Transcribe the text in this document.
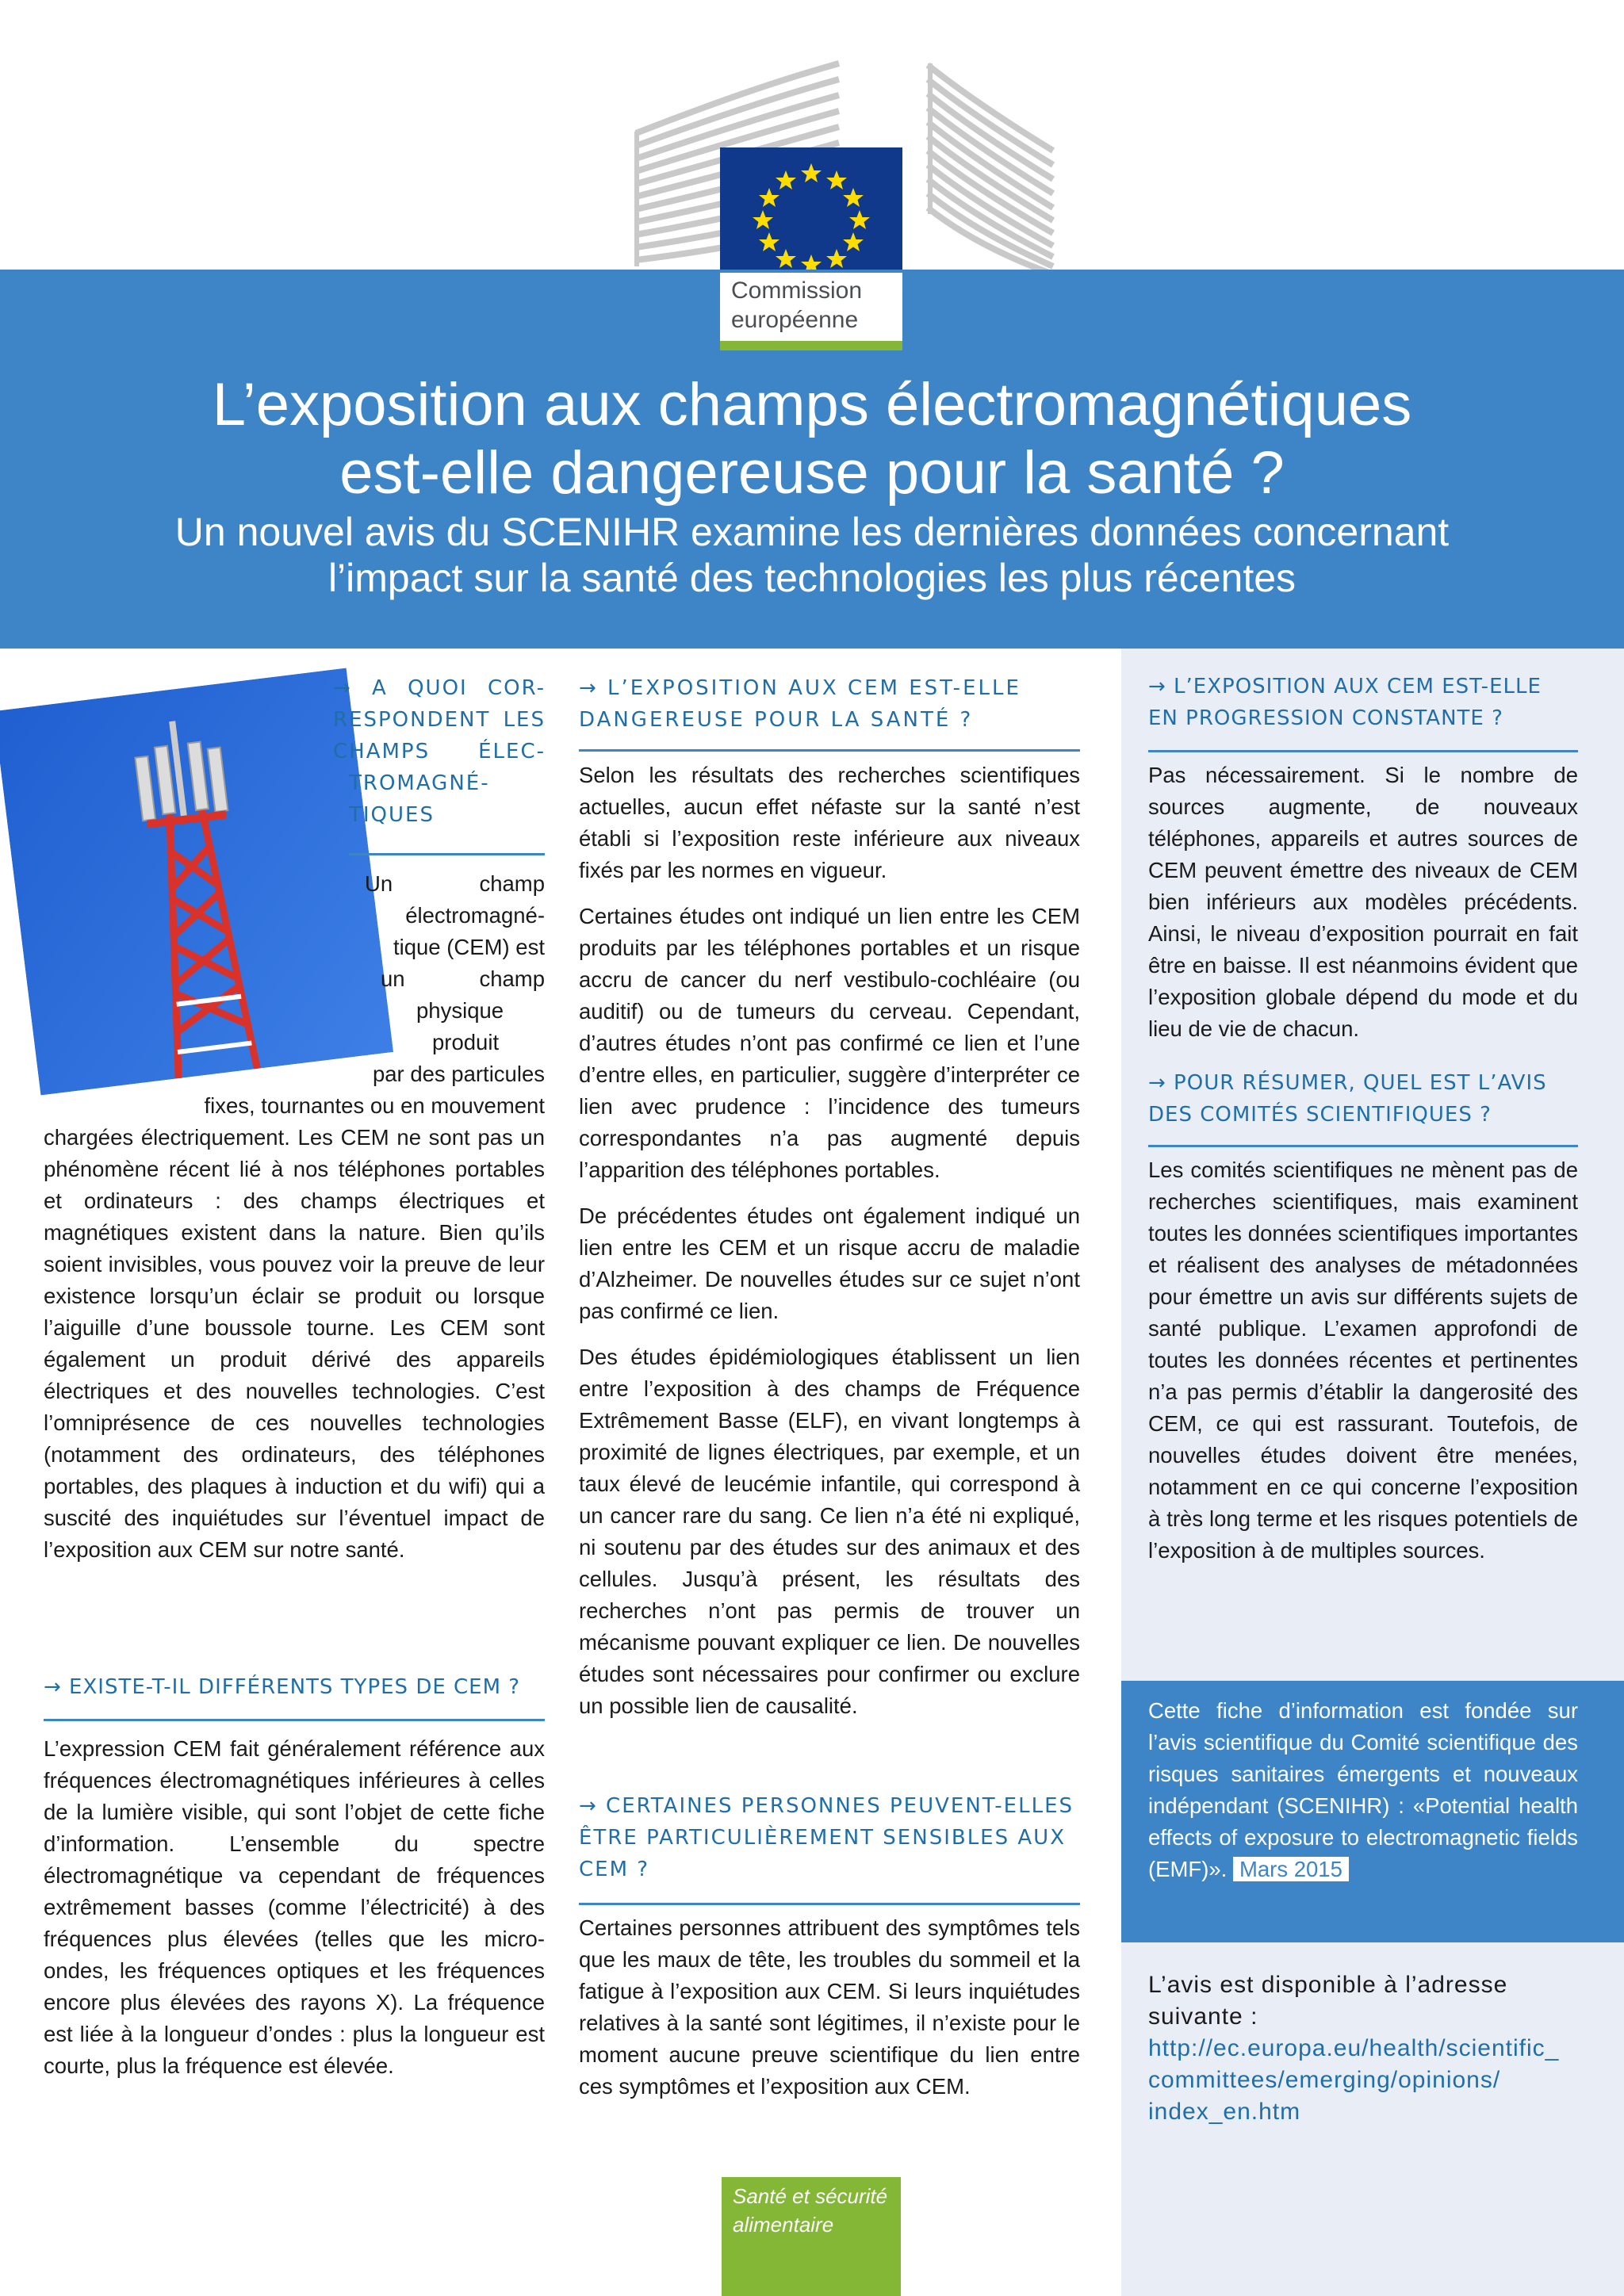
Commission
européenne
L’exposition aux champs électromagnétiques
est-elle dangereuse pour la santé ?
Un nouvel avis du SCENIHR examine les dernières données concernant
l’impact sur la santé des technologies les plus récentes
→ A QUOI COR-
RESPONDENT LES
CHAMPS ÉLEC-
TROMAGNÉ-
TIQUES
Un champ
électromagné-
tique (CEM) est
un champ
physique
produit
par des particules
fixes, tournantes ou en mouvement

chargées électriquement. Les CEM ne sont pas un phénomène récent lié à nos téléphones portables et ordinateurs : des champs électriques et magnétiques existent dans la nature. Bien qu’ils soient invisibles, vous pouvez voir la preuve de leur existence lorsqu’un éclair se produit ou lorsque l’aiguille d’une boussole tourne. Les CEM sont également un produit dérivé des appareils électriques et des nouvelles technologies. C’est l’omniprésence de ces nouvelles technologies (notamment des ordinateurs, des téléphones portables, des plaques à induction et du wifi) qui a suscité des inquiétudes sur l’éventuel impact de l’exposition aux CEM sur notre santé.

→ EXISTE-T-IL DIFFÉRENTS TYPES DE CEM ?

L’expression CEM fait généralement référence aux fréquences électromagnétiques inférieures à celles de la lumière visible, qui sont l’objet de cette fiche d’information. L’ensemble du spectre électromagnétique va cependant de fréquences extrêmement basses (comme l’électricité) à des fréquences plus élevées (telles que les micro-ondes, les fréquences optiques et les fréquences encore plus élevées des rayons X). La fréquence est liée à la longueur d’ondes : plus la longueur est courte, plus la fréquence est élevée.

→ L’EXPOSITION AUX CEM EST-ELLE DANGEREUSE POUR LA SANTÉ ?

Selon les résultats des recherches scientifiques actuelles, aucun effet néfaste sur la santé n’est établi si l’exposition reste inférieure aux niveaux fixés par les normes en vigueur.

Certaines études ont indiqué un lien entre les CEM produits par les téléphones portables et un risque accru de cancer du nerf vestibulo-cochléaire (ou auditif) ou de tumeurs du cerveau. Cependant, d’autres études n’ont pas confirmé ce lien et l’une d’entre elles, en particulier, suggère d’interpréter ce lien avec prudence : l’incidence des tumeurs correspondantes n’a pas augmenté depuis l’apparition des téléphones portables.

De précédentes études ont également indiqué un lien entre les CEM et un risque accru de maladie d’Alzheimer. De nouvelles études sur ce sujet n’ont pas confirmé ce lien.

Des études épidémiologiques établissent un lien entre l’exposition à des champs de Fréquence Extrêmement Basse (ELF), en vivant longtemps à proximité de lignes électriques, par exemple, et un taux élevé de leucémie infantile, qui correspond à un cancer rare du sang. Ce lien n’a été ni expliqué, ni soutenu par des études sur des animaux et des cellules. Jusqu’à présent, les résultats des recherches n’ont pas permis de trouver un mécanisme pouvant expliquer ce lien. De nouvelles études sont nécessaires pour confirmer ou exclure un possible lien de causalité.

→ CERTAINES PERSONNES PEUVENT-ELLES ÊTRE PARTICULIÈREMENT SENSIBLES AUX CEM ?

Certaines personnes attribuent des symptômes tels que les maux de tête, les troubles du sommeil et la fatigue à l’exposition aux CEM. Si leurs inquiétudes relatives à la santé sont légitimes, il n’existe pour le moment aucune preuve scientifique du lien entre ces symptômes et l’exposition aux CEM.

→ L’EXPOSITION AUX CEM EST-ELLE EN PROGRESSION CONSTANTE ?

Pas nécessairement. Si le nombre de sources augmente, de nouveaux téléphones, appareils et autres sources de CEM peuvent émettre des niveaux de CEM bien inférieurs aux modèles précédents. Ainsi, le niveau d’exposition pourrait en fait être en baisse. Il est néanmoins évident que l’exposition globale dépend du mode et du lieu de vie de chacun.

→ POUR RÉSUMER, QUEL EST L’AVIS DES COMITÉS SCIENTIFIQUES ?

Les comités scientifiques ne mènent pas de recherches scientifiques, mais examinent toutes les données scientifiques importantes et réalisent des analyses de métadonnées pour émettre un avis sur différents sujets de santé publique. L’examen approfondi de toutes les données récentes et pertinentes n’a pas permis d’établir la dangerosité des CEM, ce qui est rassurant. Toutefois, de nouvelles études doivent être menées, notamment en ce qui concerne l’exposition à très long terme et les risques potentiels de l’exposition à de multiples sources.

Cette fiche d’information est fondée sur l’avis scientifique du Comité scientifique des risques sanitaires émergents et nouveaux indépendant (SCENIHR) : «Potential health effects of exposure to electromagnetic fields (EMF)». Mars 2015
L’avis est disponible à l’adresse suivante :
http://ec.europa.eu/health/scientific_
committees/emerging/opinions/
index_en.htm
Santé et sécurité
alimentaire
